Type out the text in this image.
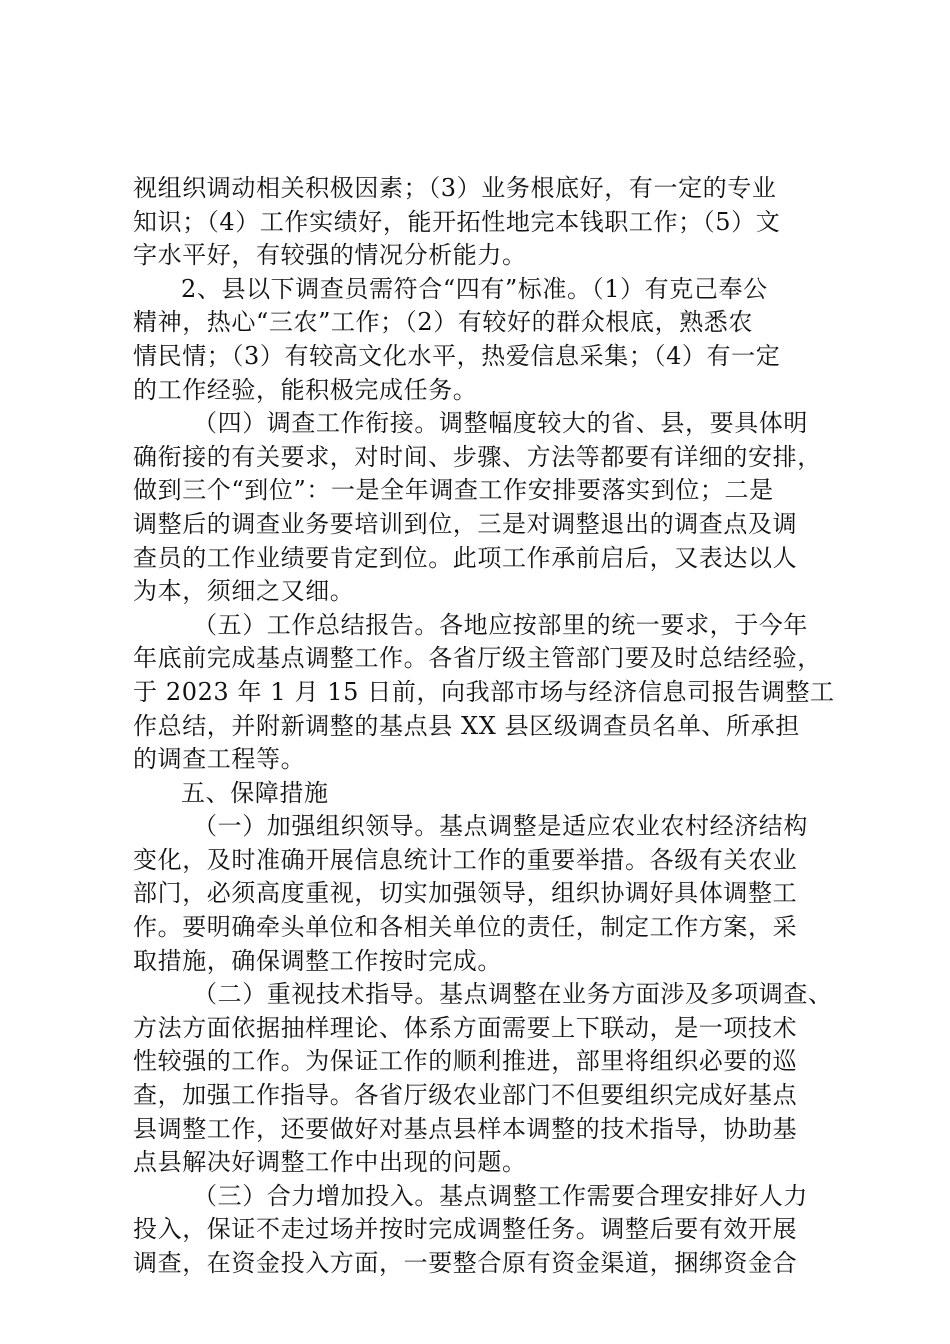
视组织调动相关积极因素；（3）业务根底好，有一定的专业
知识；（4）工作实绩好，能开拓性地完本钱职工作；（5）文
字水平好，有较强的情况分析能力。
2、县以下调查员需符合“四有”标准。（1）有克己奉公
精神，热心“三农”工作；（2）有较好的群众根底，熟悉农
情民情；（3）有较高文化水平，热爱信息采集；（4）有一定
的工作经验，能积极完成任务。
（四）调查工作衔接。调整幅度较大的省、县，要具体明
确衔接的有关要求，对时间、步骤、方法等都要有详细的安排，
做到三个“到位”：一是全年调查工作安排要落实到位；二是
调整后的调查业务要培训到位，三是对调整退出的调查点及调
查员的工作业绩要肯定到位。此项工作承前启后，又表达以人
为本，须细之又细。
（五）工作总结报告。各地应按部里的统一要求，于今年
年底前完成基点调整工作。各省厅级主管部门要及时总结经验，
于 2023 年 1 月 15 日前，向我部市场与经济信息司报告调整工
作总结，并附新调整的基点县 XX 县区级调查员名单、所承担
的调查工程等。
五、保障措施
（一）加强组织领导。基点调整是适应农业农村经济结构
变化，及时准确开展信息统计工作的重要举措。各级有关农业
部门，必须高度重视，切实加强领导，组织协调好具体调整工
作。要明确牵头单位和各相关单位的责任，制定工作方案，采
取措施，确保调整工作按时完成。
（二）重视技术指导。基点调整在业务方面涉及多项调查、
方法方面依据抽样理论、体系方面需要上下联动，是一项技术
性较强的工作。为保证工作的顺利推进，部里将组织必要的巡
查，加强工作指导。各省厅级农业部门不但要组织完成好基点
县调整工作，还要做好对基点县样本调整的技术指导，协助基
点县解决好调整工作中出现的问题。
（三）合力增加投入。基点调整工作需要合理安排好人力
投入，保证不走过场并按时完成调整任务。调整后要有效开展
调查，在资金投入方面，一要整合原有资金渠道，捆绑资金合
